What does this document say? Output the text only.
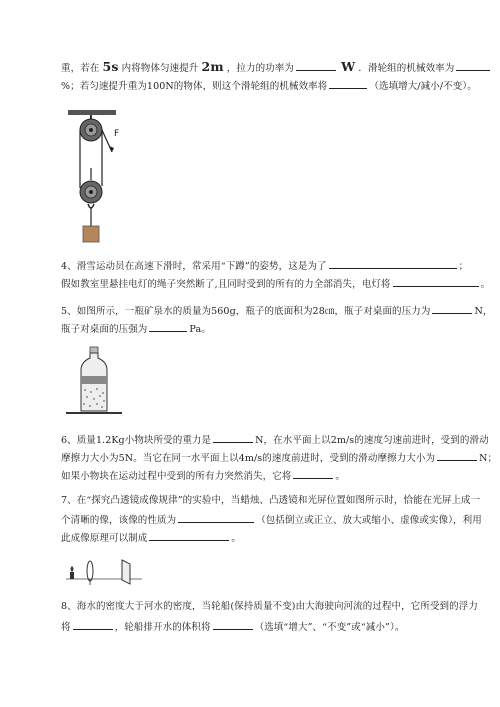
重，若在 5s 内将物体匀速提升 2m ，拉力的功率为	W ．滑轮组的机械效率为
%；若匀速提升重为100N的物体，则这个滑轮组的机械效率将	（选填增大/减小/不变）。
F
4、滑雪运动员在高速下滑时，常采用“下蹲”的姿势，这是为了	；
假如教室里悬挂电灯的绳子突然断了,且同时受到的所有的力全部消失，电灯将	。
5、如图所示，一瓶矿泉水的质量为560g，瓶子的底面积为28㎝，瓶子对桌面的压力为	N，
瓶子对桌面的压强为	Pa。
6、质量1.2Kg小物块所受的重力是	N，在水平面上以2m/s的速度匀速前进时，受到的滑动
摩擦力大小为5N。当它在同一水平面上以4m/s的速度前进时，受到的滑动摩擦力大小为	N；
如果小物块在运动过程中受到的所有力突然消失，它将	。
7、在“探究凸透镜成像规律”的实验中，当蜡烛、凸透镜和光屏位置如图所示时，恰能在光屏上成一
个清晰的像，该像的性质为	（包括倒立或正立、放大或缩小、虚像或实像），利用
此成像原理可以制成	。
8、海水的密度大于河水的密度，当轮船(保持质量不变)由大海驶向河流的过程中，它所受到的浮力
将	，轮船排开水的体积将	（选填“增大”、“不变”或“减小”）。
